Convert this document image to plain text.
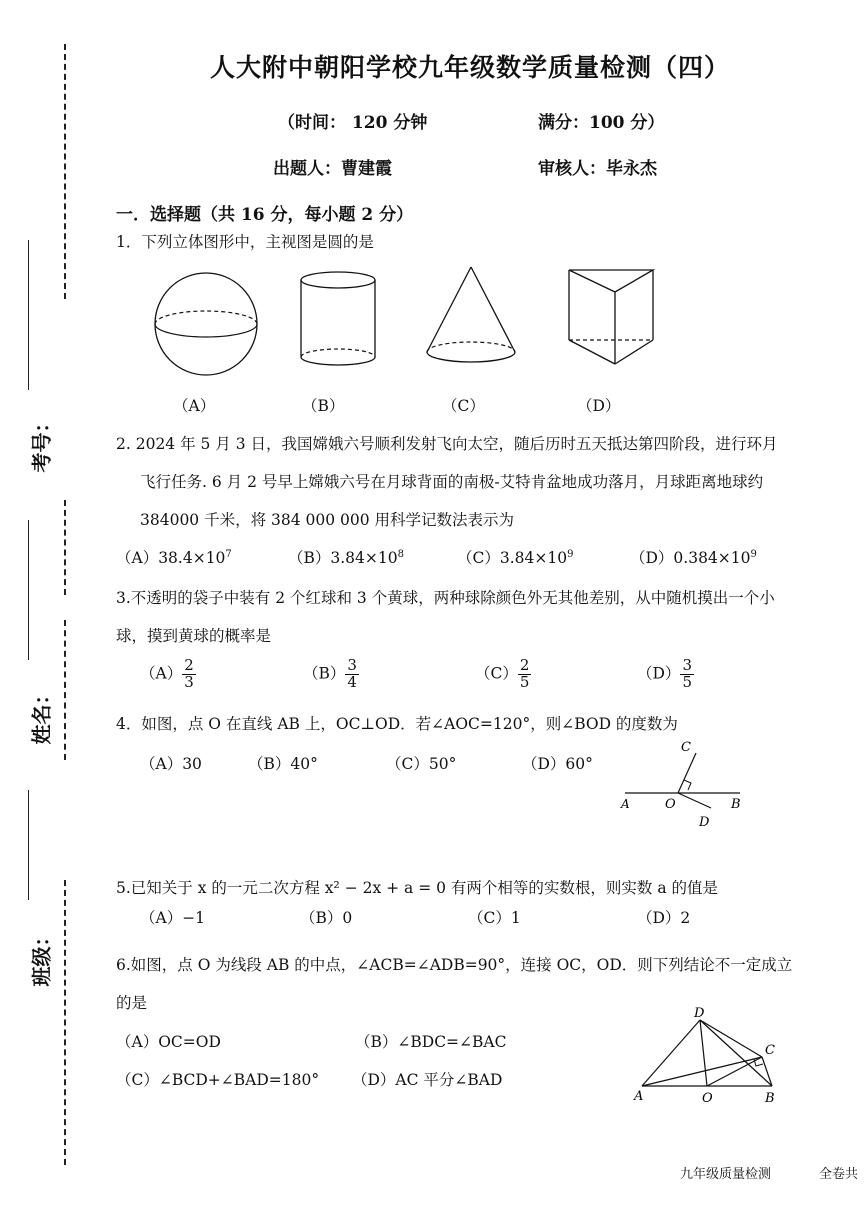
考号：
姓名：
班级：
人大附中朝阳学校九年级数学质量检测（四）
（时间： 120 分钟	满分：100 分）
出题人：曹建霞	审核人：毕永杰
一．选择题（共 16 分，每小题 2 分）
1．下列立体图形中，主视图是圆的是
（A）	（B）	（C）	（D）
2. 2024 年 5 月 3 日，我国嫦娥六号顺利发射飞向太空，随后历时五天抵达第四阶段，进行环月
飞行任务. 6 月 2 号早上嫦娥六号在月球背面的南极-艾特肯盆地成功落月，月球距离地球约
384000 千米，将 384 000 000 用科学记数法表示为
$(A)38.4\times 10^7$	$(B)3.84\times 10^8$	$(C)3.84\times 10^9$	$(D)0.384\times 10^9$
3.不透明的袋子中装有 2 个红球和 3 个黄球，两种球除颜色外无其他差别，从中随机摸出一个小
球，摸到黄球的概率是
$(A) \frac{2}{3}$	$(B) \frac{3}{4}$	$(C) \frac{2}{5}$	$(D) \frac{3}{5}$
4．如图，点 O 在直线 AB 上，OC⊥OD．若∠AOC=120°，则∠BOD 的度数为
（A）30	（B）40°	（C）50°	（D）60°
C
A	O	B
D
5.已知关于 x 的一元二次方程 x² − 2x + a = 0 有两个相等的实数根，则实数 a 的值是
（A）−1	（B）0	（C）1	（D）2
6.如图，点 O 为线段 AB 的中点，∠ACB=∠ADB=90°，连接 OC，OD．则下列结论不一定成立
的是
（A）OC=OD	（B）∠BDC=∠BAC
（C）∠BCD+∠BAD=180° （D）AC 平分∠BAD
D
C
A	O	B
九年级质量检测	全卷共
